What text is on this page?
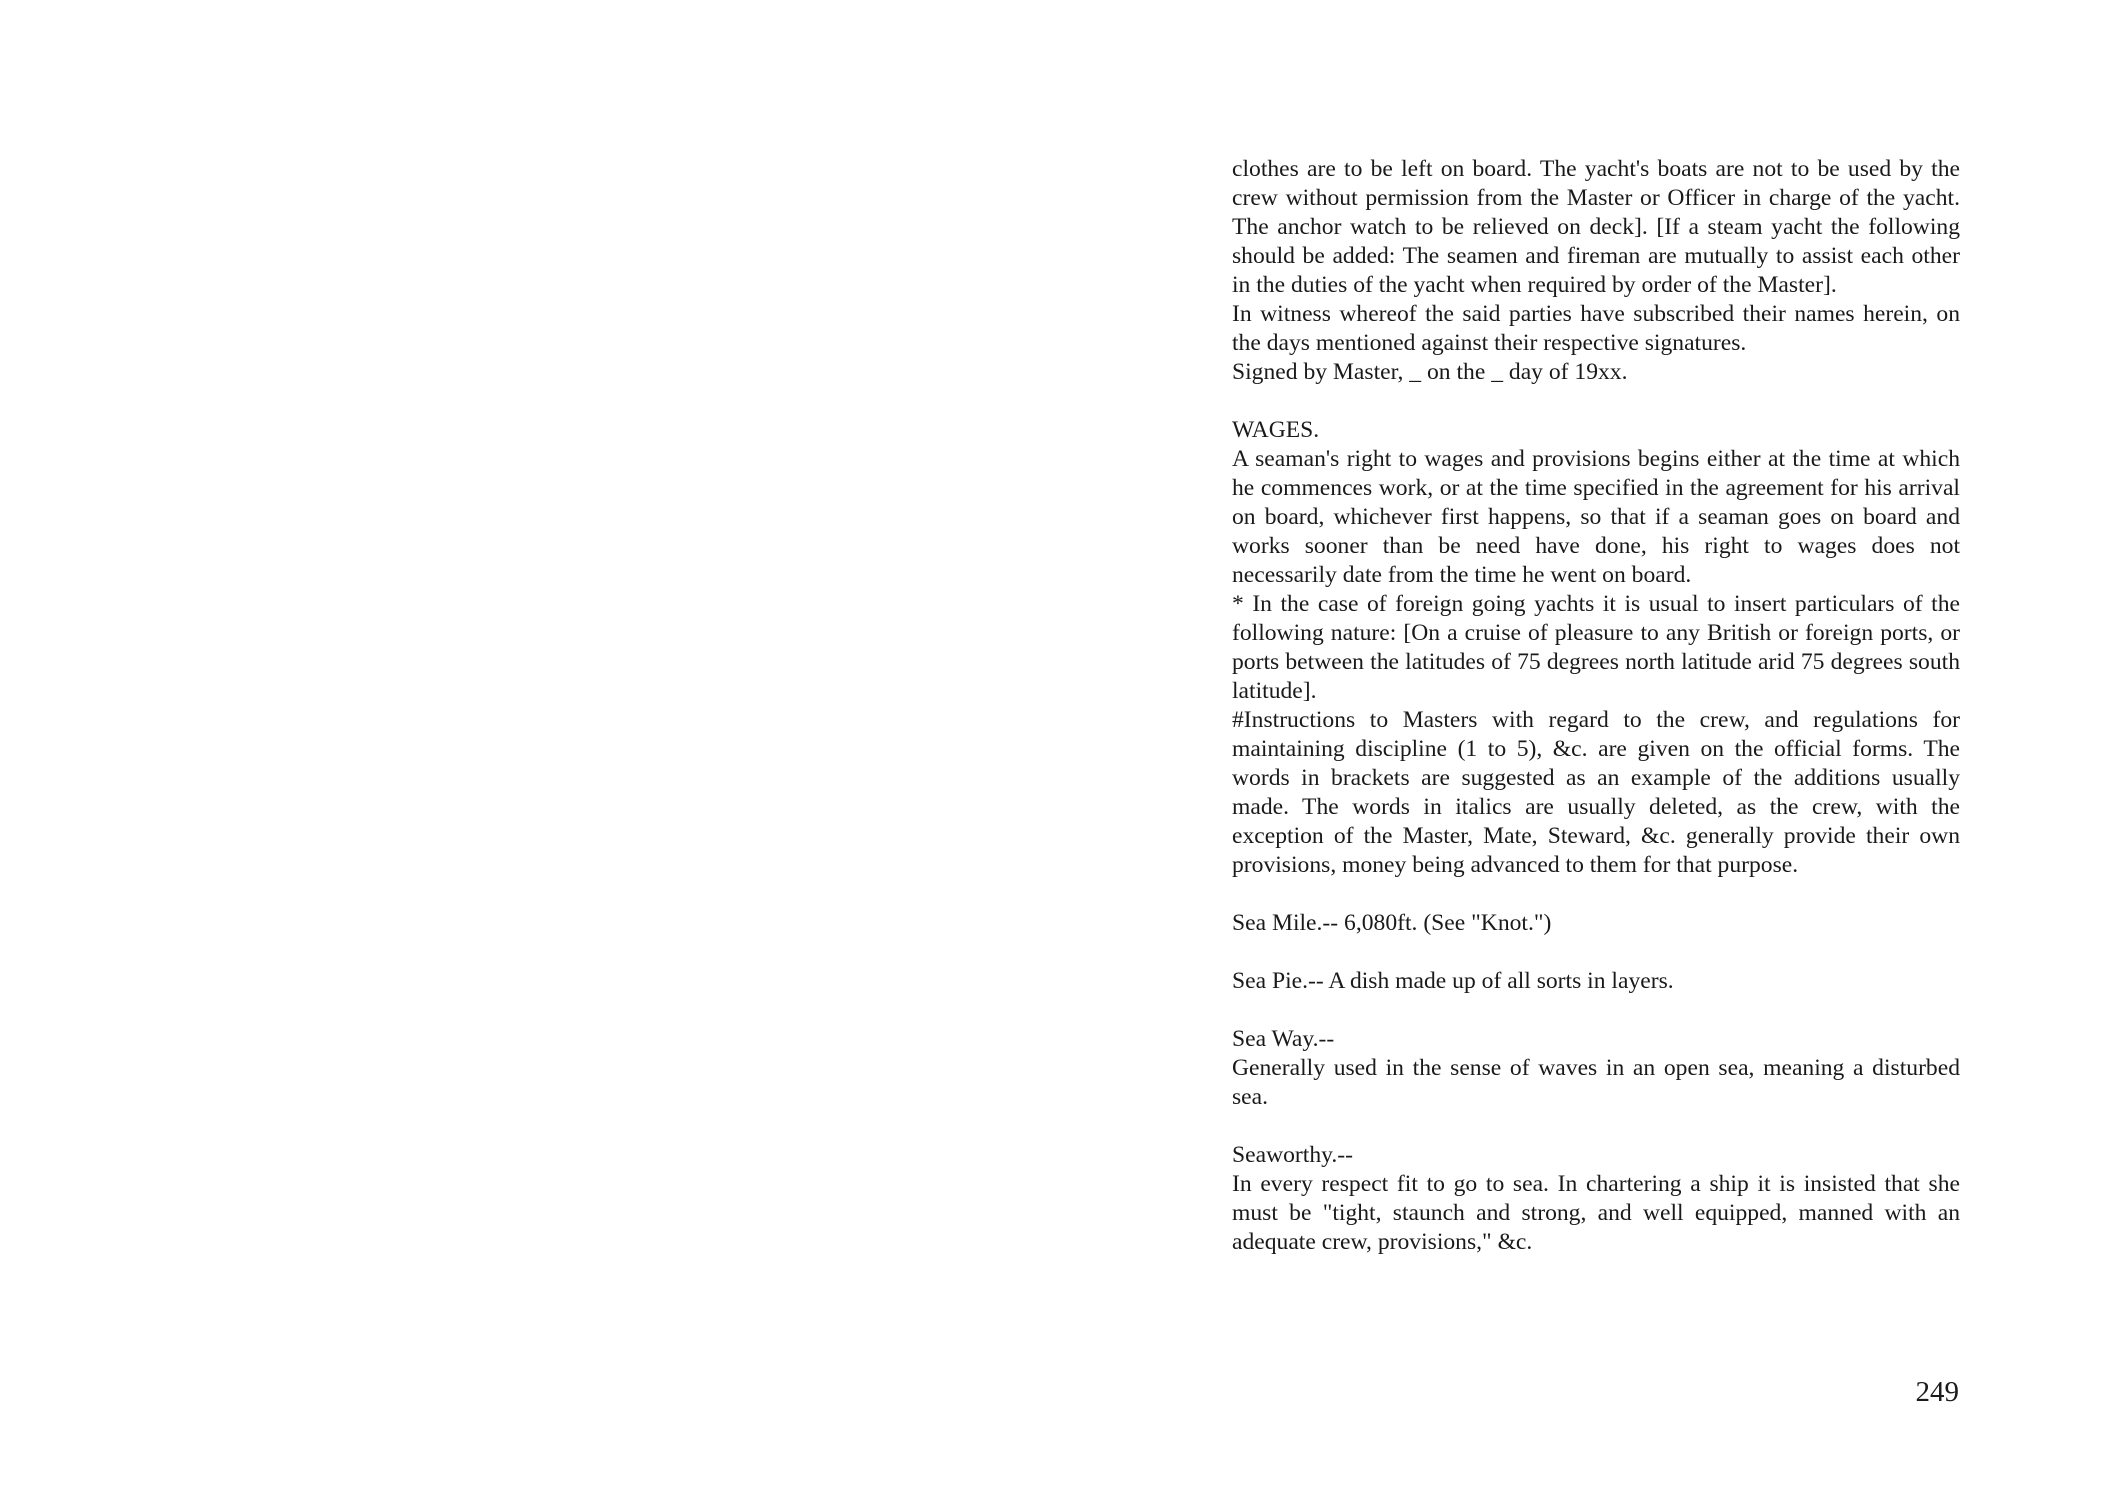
clothes are to be left on board. The yacht's boats are not to be used by the crew without permission from the Master or Officer in charge of the yacht. The anchor watch to be relieved on deck]. [If a steam yacht the following should be added: The seamen and fireman are mutually to assist each other in the duties of the yacht when required by order of the Master].

In witness whereof the said parties have subscribed their names herein, on the days mentioned against their respective signatures.

Signed by Master, _ on the _ day of 19xx.

WAGES.

A seaman's right to wages and provisions begins either at the time at which he commences work, or at the time specified in the agreement for his arrival on board, whichever first happens, so that if a seaman goes on board and works sooner than be need have done, his right to wages does not necessarily date from the time he went on board.

* In the case of foreign going yachts it is usual to insert particulars of the following nature: [On a cruise of pleasure to any British or foreign ports, or ports between the latitudes of 75 degrees north latitude arid 75 degrees south latitude].

#Instructions to Masters with regard to the crew, and regulations for maintaining discipline (1 to 5), &c. are given on the official forms. The words in brackets are suggested as an example of the additions usually made. The words in italics are usually deleted, as the crew, with the exception of the Master, Mate, Steward, &c. generally provide their own provisions, money being advanced to them for that purpose.

Sea Mile.-- 6,080ft. (See "Knot.")

Sea Pie.-- A dish made up of all sorts in layers.

Sea Way.--

Generally used in the sense of waves in an open sea, meaning a disturbed sea.

Seaworthy.--

In every respect fit to go to sea. In chartering a ship it is insisted that she must be "tight, staunch and strong, and well equipped, manned with an adequate crew, provisions," &c.

249
